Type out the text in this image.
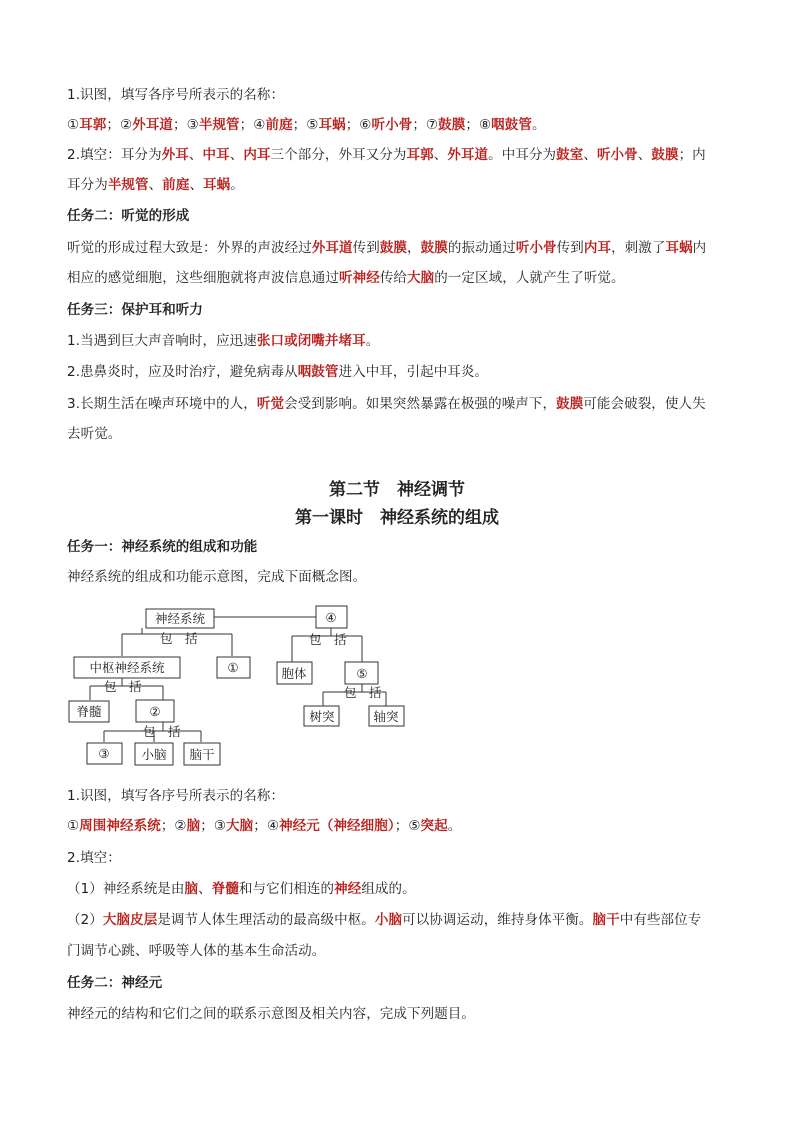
1.识图，填写各序号所表示的名称：
①耳郭；②外耳道；③半规管；④前庭；⑤耳蜗；⑥听小骨；⑦鼓膜；⑧咽鼓管。
2.填空：耳分为外耳、中耳、内耳三个部分，外耳又分为耳郭、外耳道。中耳分为鼓室、听小骨、鼓膜；内
耳分为半规管、前庭、耳蜗。
任务二：听觉的形成
听觉的形成过程大致是：外界的声波经过外耳道传到鼓膜，鼓膜的振动通过听小骨传到内耳，刺激了耳蜗内
相应的感觉细胞，这些细胞就将声波信息通过听神经传给大脑的一定区域，人就产生了听觉。
任务三：保护耳和听力
1.当遇到巨大声音响时，应迅速张口或闭嘴并堵耳。
2.患鼻炎时，应及时治疗，避免病毒从咽鼓管进入中耳，引起中耳炎。
3.长期生活在噪声环境中的人，听觉会受到影响。如果突然暴露在极强的噪声下，鼓膜可能会破裂，使人失
去听觉。
第二节　神经调节
第一课时　神经系统的组成
任务一：神经系统的组成和功能
神经系统的组成和功能示意图，完成下面概念图。
神经系统	④
包　括	包　括
中枢神经系统	①	胞体	⑤
包　括	包　括
脊髓	②	树突	轴突
包　括
③	小脑 脑干
1.识图，填写各序号所表示的名称：
①周围神经系统；②脑；③大脑；④神经元（神经细胞）；⑤突起。
2.填空：
（1）神经系统是由脑、脊髓和与它们相连的神经组成的。
（2）大脑皮层是调节人体生理活动的最高级中枢。小脑可以协调运动，维持身体平衡。脑干中有些部位专
门调节心跳、呼吸等人体的基本生命活动。
任务二：神经元
神经元的结构和它们之间的联系示意图及相关内容，完成下列题目。
